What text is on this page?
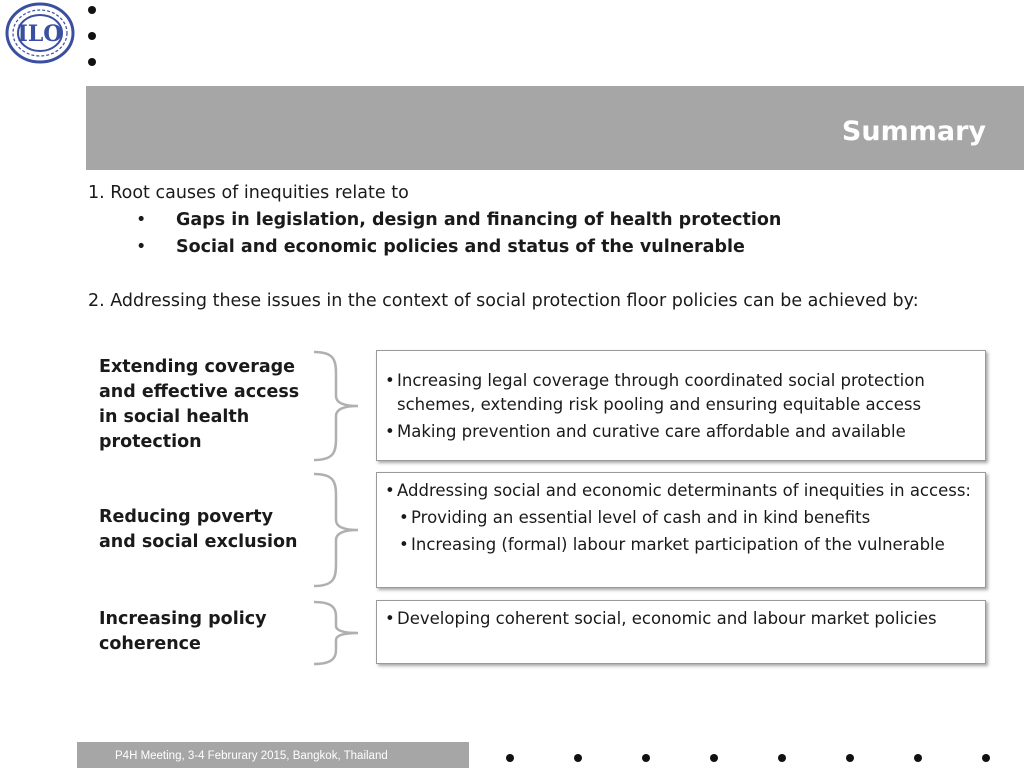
ILO
Summary
1. Root causes of inequities relate to
• Gaps in legislation, design and financing of health protection
• Social and economic policies and status of the vulnerable
2. Addressing these issues in the context of social protection floor policies can be achieved by:
Extending coverage and effective access in social health protection
• Increasing legal coverage through coordinated social protection schemes, extending risk pooling and ensuring equitable access
• Making prevention and curative care affordable and available
Reducing poverty and social exclusion
• Addressing social and economic determinants of inequities in access:
• Providing an essential level of cash and in kind benefits
• Increasing (formal) labour market participation of the vulnerable
Increasing policy coherence
• Developing coherent social, economic and labour market policies
P4H Meeting, 3-4 Februrary 2015, Bangkok, Thailand
